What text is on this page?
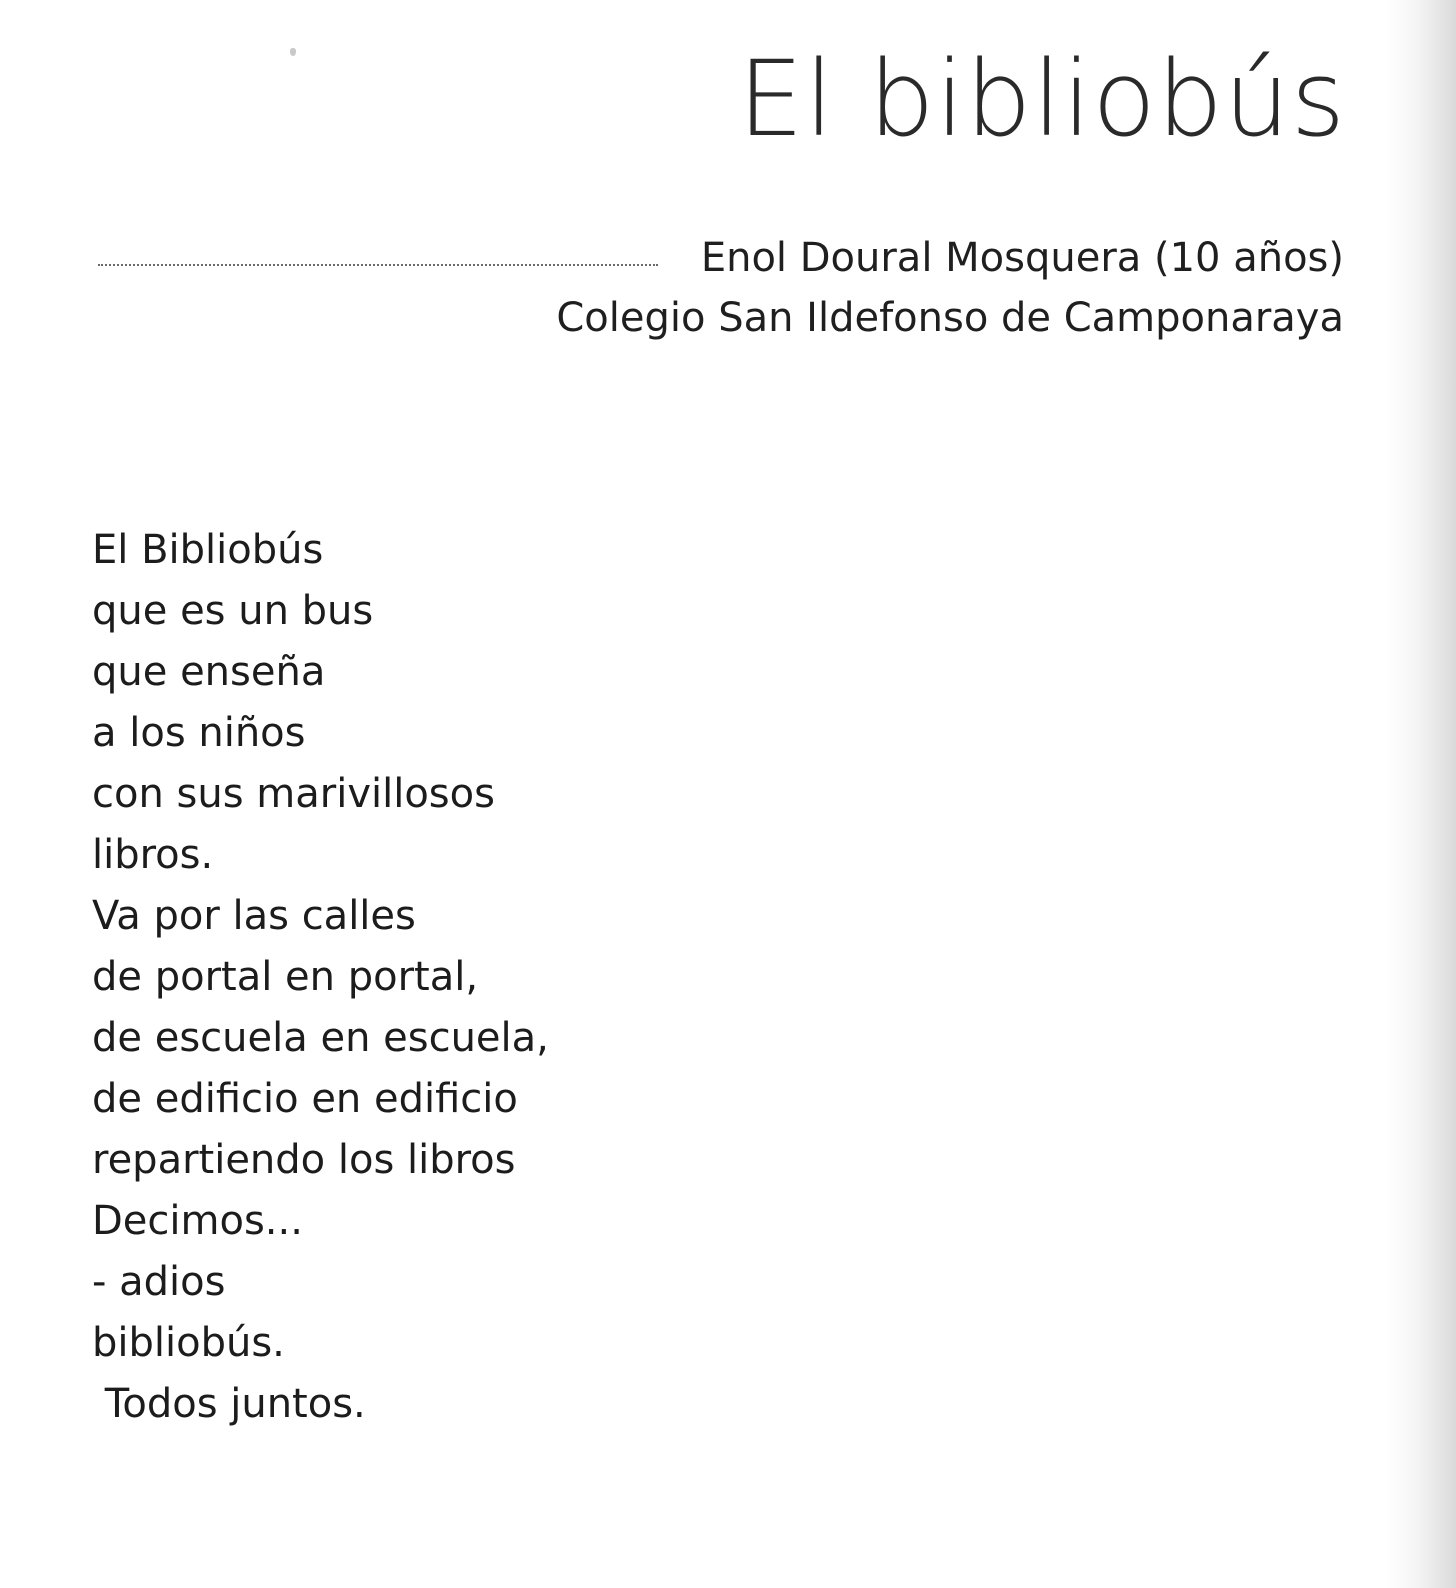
El bibliobús
Enol Doural Mosquera (10 años)
Colegio San Ildefonso de Camponaraya
El Bibliobús
que es un bus
que enseña
a los niños
con sus marivillosos
libros.
Va por las calles
de portal en portal,
de escuela en escuela,
de edificio en edificio
repartiendo los libros
Decimos...
- adios
bibliobús.
Todos juntos.
